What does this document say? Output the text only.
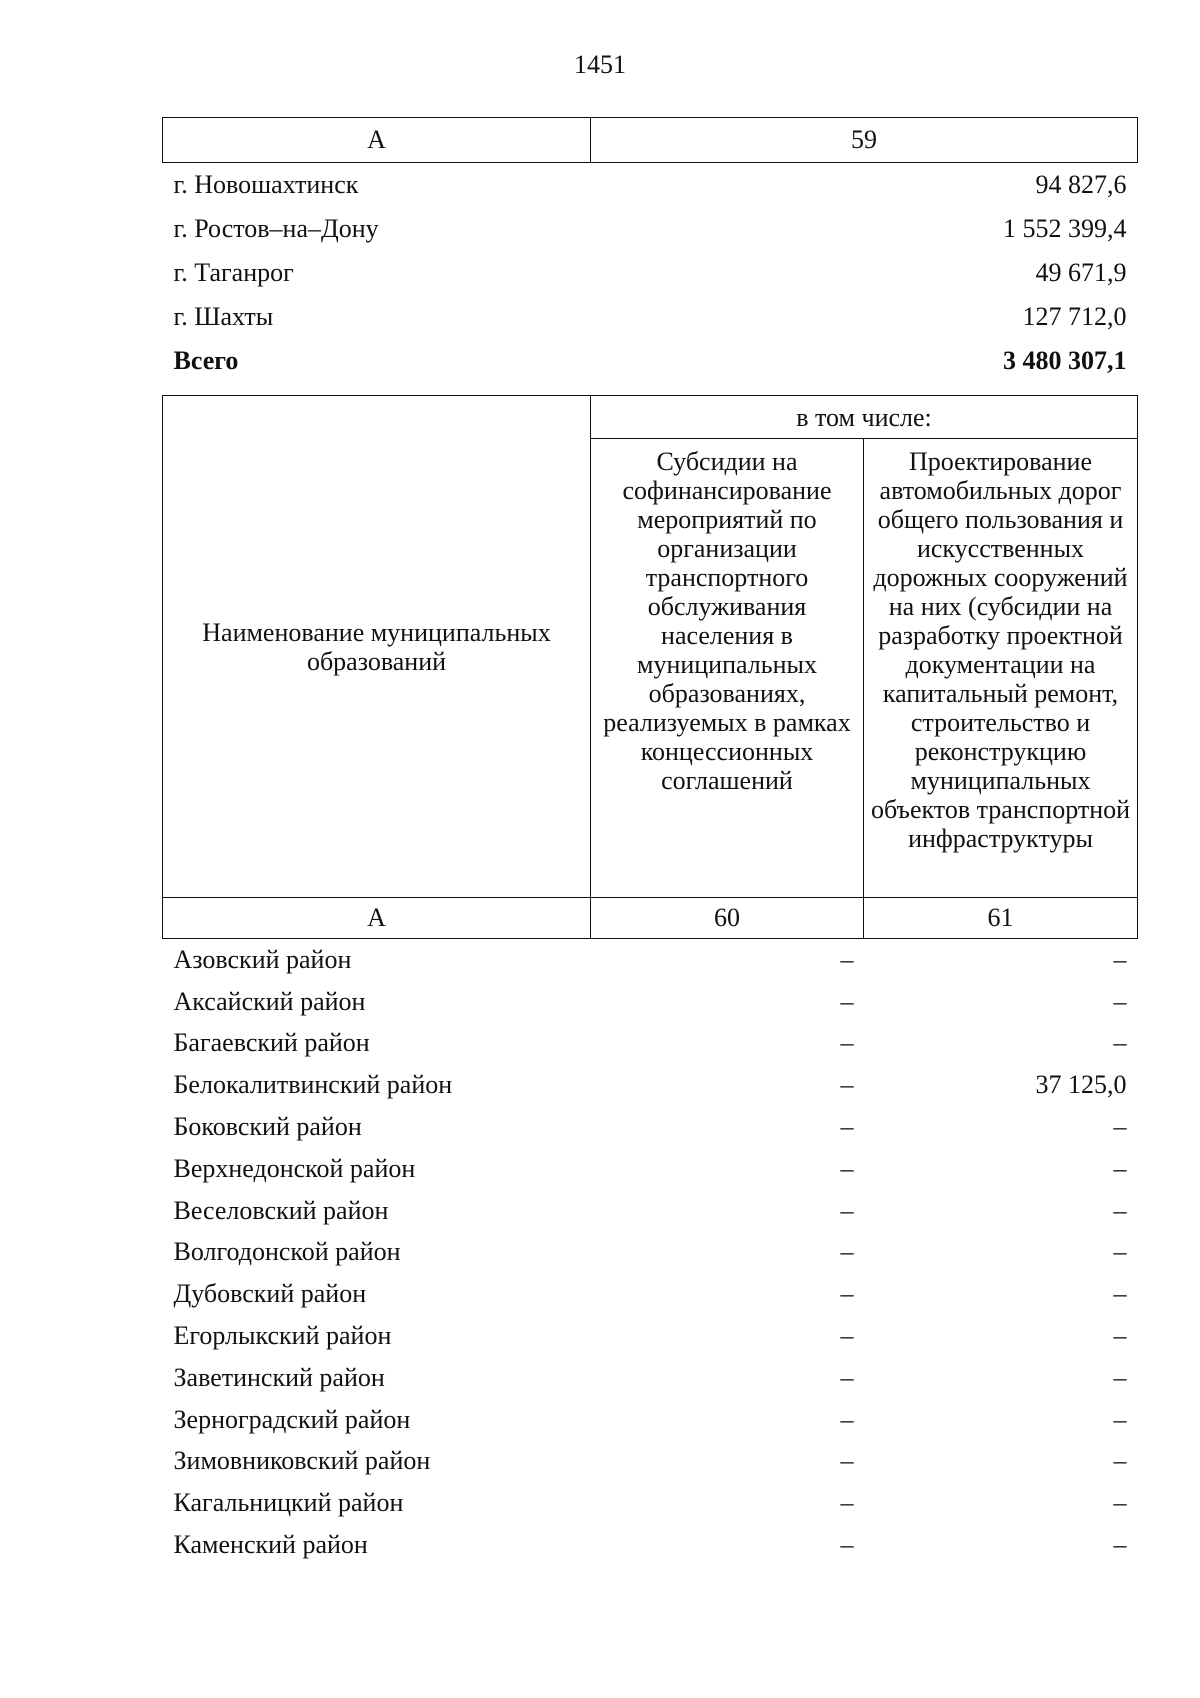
1451
А	59
г. Новошахтинск	94 827,6
г. Ростов–на–Дону	1 552 399,4
г. Таганрог	49 671,9
г. Шахты	127 712,0
Всего	3 480 307,1
Наименование муниципальных образований	в том числе:	
	Субсидии на софинансирование мероприятий по организации транспортного обслуживания населения в муниципальных образованиях, реализуемых в рамках концессионных соглашений	Проектирование автомобильных дорог общего пользования и искусственных дорожных сооружений на них (субсидии на разработку проектной документации на капитальный ремонт, строительство и реконструкцию муниципальных объектов транспортной инфраструктуры
А	60	61
Азовский район	–	–
Аксайский район	–	–
Багаевский район	–	–
Белокалитвинский район	–	37 125,0
Боковский район	–	–
Верхнедонской район	–	–
Веселовский район	–	–
Волгодонской район	–	–
Дубовский район	–	–
Егорлыкский район	–	–
Заветинский район	–	–
Зерноградский район	–	–
Зимовниковский район	–	–
Кагальницкий район	–	–
Каменский район	–	–
